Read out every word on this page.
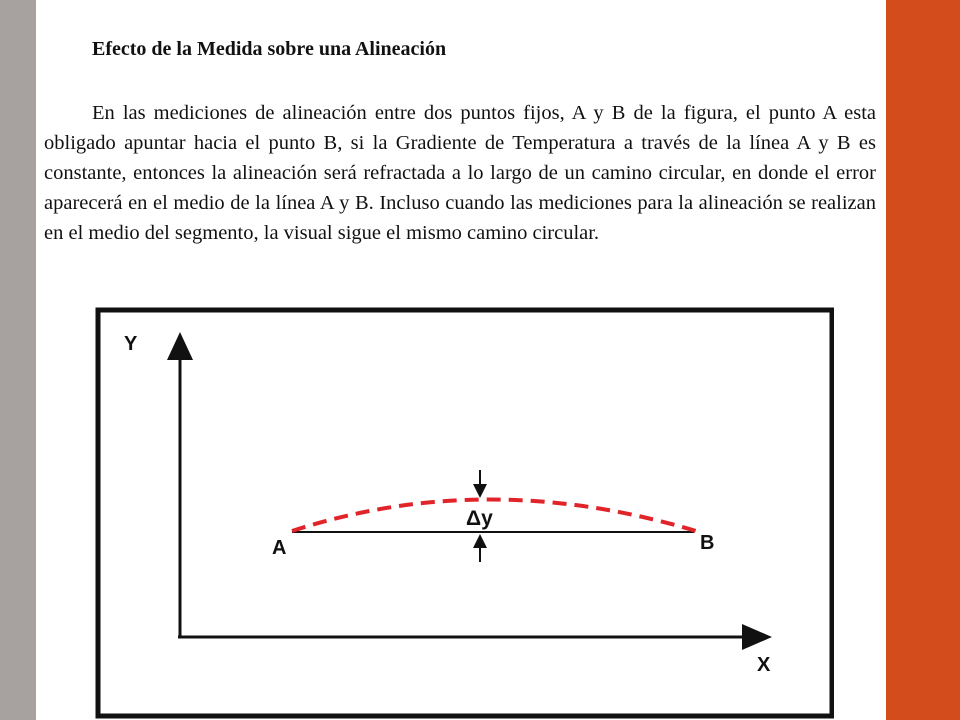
Efecto de la Medida sobre una Alineación

En las mediciones de alineación entre dos puntos fijos, A y B de la figura, el punto A esta obligado apuntar hacia el punto B, si la Gradiente de Temperatura a través de la línea A y B es constante, entonces la alineación será refractada a lo largo de un camino circular, en donde el error aparecerá en el medio de la línea A y B. Incluso cuando las mediciones para la alineación se realizan en el medio del segmento, la visual sigue el mismo camino circular.

Y
X
Δy
A	B
